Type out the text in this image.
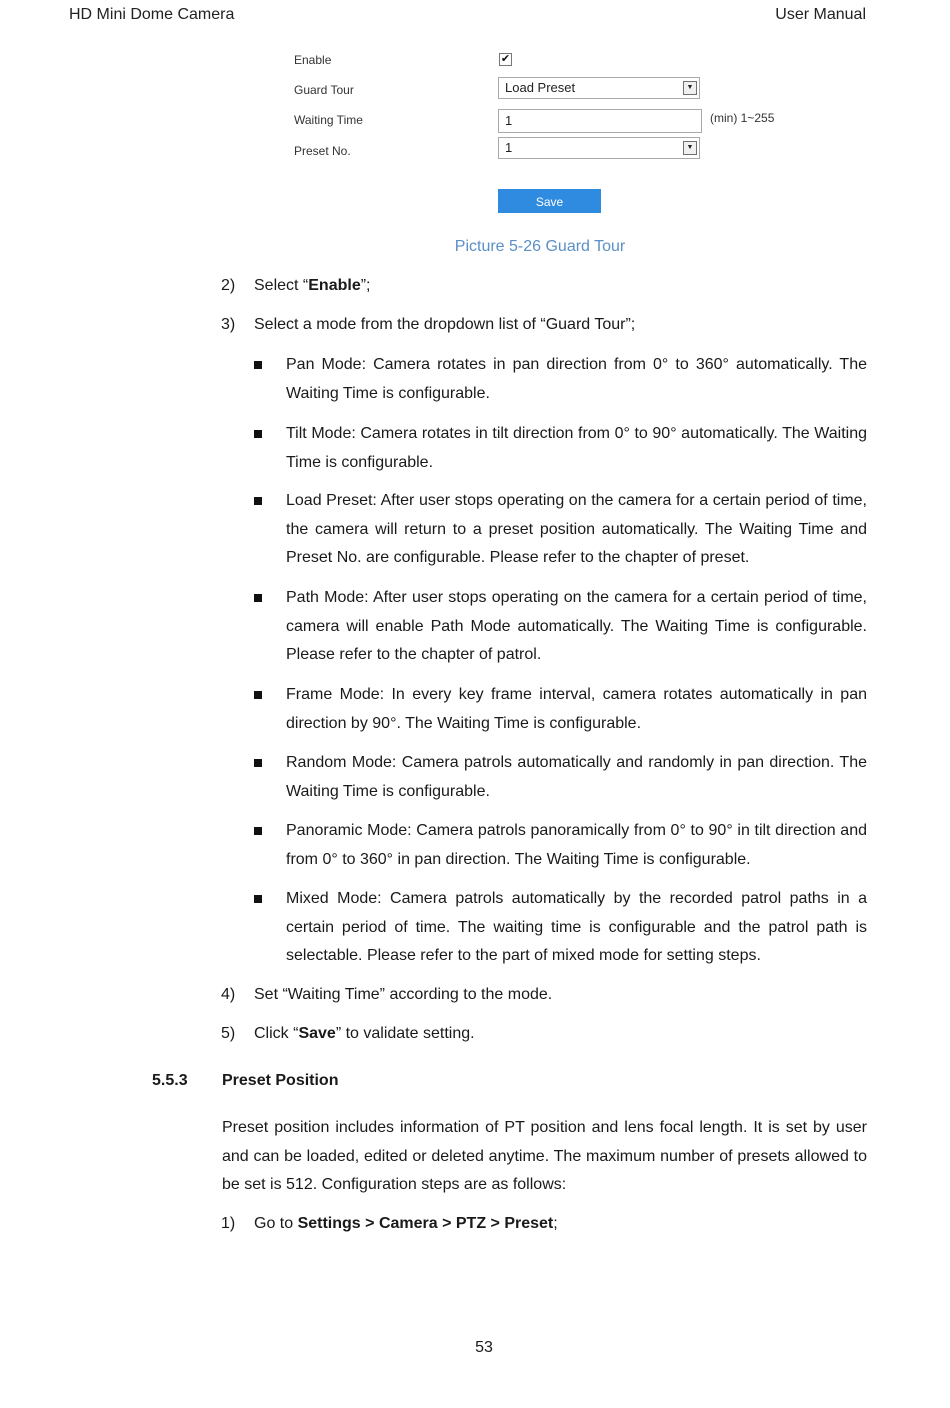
HD Mini Dome Camera	User Manual
Enable	✔
Guard Tour	Load Preset	▼
Waiting Time	1	(min) 1~255
Preset No.	1	▼
Save
Picture 5-26 Guard Tour
2) Select “Enable”;
3) Select a mode from the dropdown list of “Guard Tour”;
Pan Mode: Camera rotates in pan direction from 0° to 360° automatically. The Waiting Time is configurable.
Tilt Mode: Camera rotates in tilt direction from 0° to 90° automatically. The Waiting Time is configurable.
Load Preset: After user stops operating on the camera for a certain period of time, the camera will return to a preset position automatically. The Waiting Time and Preset No. are configurable. Please refer to the chapter of preset.
Path Mode: After user stops operating on the camera for a certain period of time, camera will enable Path Mode automatically. The Waiting Time is configurable. Please refer to the chapter of patrol.
Frame Mode: In every key frame interval, camera rotates automatically in pan direction by 90°. The Waiting Time is configurable.
Random Mode: Camera patrols automatically and randomly in pan direction. The Waiting Time is configurable.
Panoramic Mode: Camera patrols panoramically from 0° to 90° in tilt direction and from 0° to 360° in pan direction. The Waiting Time is configurable.
Mixed Mode: Camera patrols automatically by the recorded patrol paths in a certain period of time. The waiting time is configurable and the patrol path is selectable. Please refer to the part of mixed mode for setting steps.
4) Set “Waiting Time” according to the mode.
5) Click “Save” to validate setting.
5.5.3 Preset Position
Preset position includes information of PT position and lens focal length. It is set by user and can be loaded, edited or deleted anytime. The maximum number of presets allowed to be set is 512. Configuration steps are as follows:
1) Go to Settings > Camera > PTZ > Preset;
53
